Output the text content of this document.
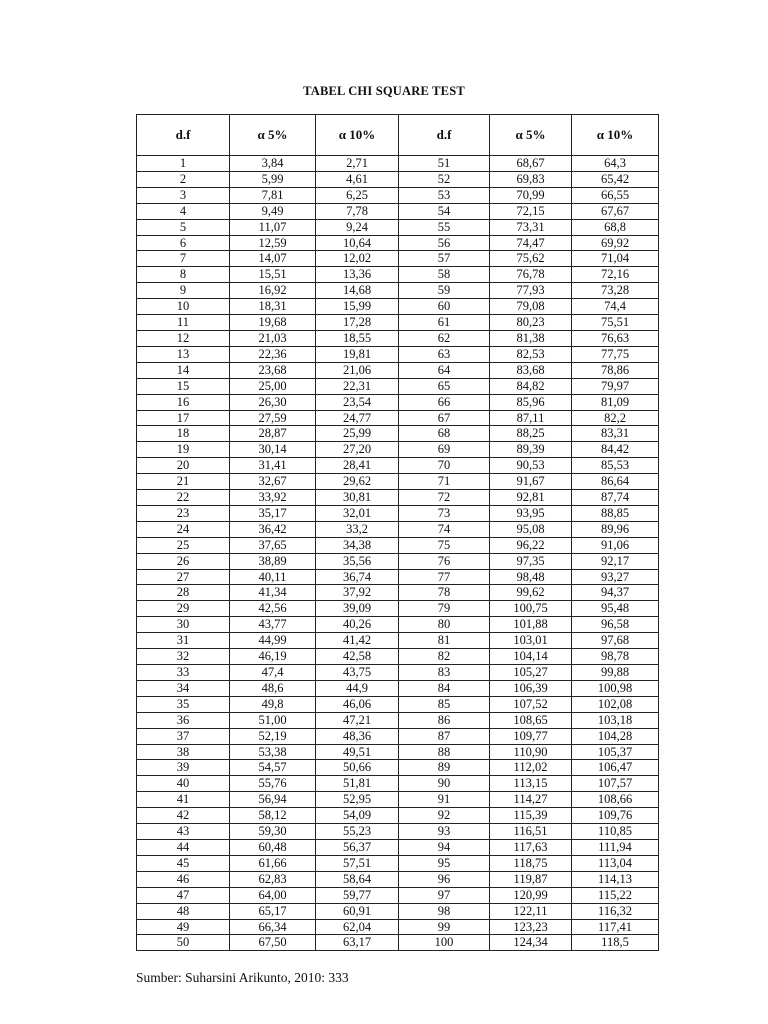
TABEL CHI SQUARE TEST
d.f	α 5%	α 10%	d.f	α 5%	α 10%
1	3,84	2,71	51	68,67	64,3
2	5,99	4,61	52	69,83	65,42
3	7,81	6,25	53	70,99	66,55
4	9,49	7,78	54	72,15	67,67
5	11,07	9,24	55	73,31	68,8
6	12,59	10,64	56	74,47	69,92
7	14,07	12,02	57	75,62	71,04
8	15,51	13,36	58	76,78	72,16
9	16,92	14,68	59	77,93	73,28
10	18,31	15,99	60	79,08	74,4
11	19,68	17,28	61	80,23	75,51
12	21,03	18,55	62	81,38	76,63
13	22,36	19,81	63	82,53	77,75
14	23,68	21,06	64	83,68	78,86
15	25,00	22,31	65	84,82	79,97
16	26,30	23,54	66	85,96	81,09
17	27,59	24,77	67	87,11	82,2
18	28,87	25,99	68	88,25	83,31
19	30,14	27,20	69	89,39	84,42
20	31,41	28,41	70	90,53	85,53
21	32,67	29,62	71	91,67	86,64
22	33,92	30,81	72	92,81	87,74
23	35,17	32,01	73	93,95	88,85
24	36,42	33,2	74	95,08	89,96
25	37,65	34,38	75	96,22	91,06
26	38,89	35,56	76	97,35	92,17
27	40,11	36,74	77	98,48	93,27
28	41,34	37,92	78	99,62	94,37
29	42,56	39,09	79	100,75	95,48
30	43,77	40,26	80	101,88	96,58
31	44,99	41,42	81	103,01	97,68
32	46,19	42,58	82	104,14	98,78
33	47,4	43,75	83	105,27	99,88
34	48,6	44,9	84	106,39	100,98
35	49,8	46,06	85	107,52	102,08
36	51,00	47,21	86	108,65	103,18
37	52,19	48,36	87	109,77	104,28
38	53,38	49,51	88	110,90	105,37
39	54,57	50,66	89	112,02	106,47
40	55,76	51,81	90	113,15	107,57
41	56,94	52,95	91	114,27	108,66
42	58,12	54,09	92	115,39	109,76
43	59,30	55,23	93	116,51	110,85
44	60,48	56,37	94	117,63	111,94
45	61,66	57,51	95	118,75	113,04
46	62,83	58,64	96	119,87	114,13
47	64,00	59,77	97	120,99	115,22
48	65,17	60,91	98	122,11	116,32
49	66,34	62,04	99	123,23	117,41
50	67,50	63,17	100	124,34	118,5
Sumber: Suharsini Arikunto, 2010: 333
